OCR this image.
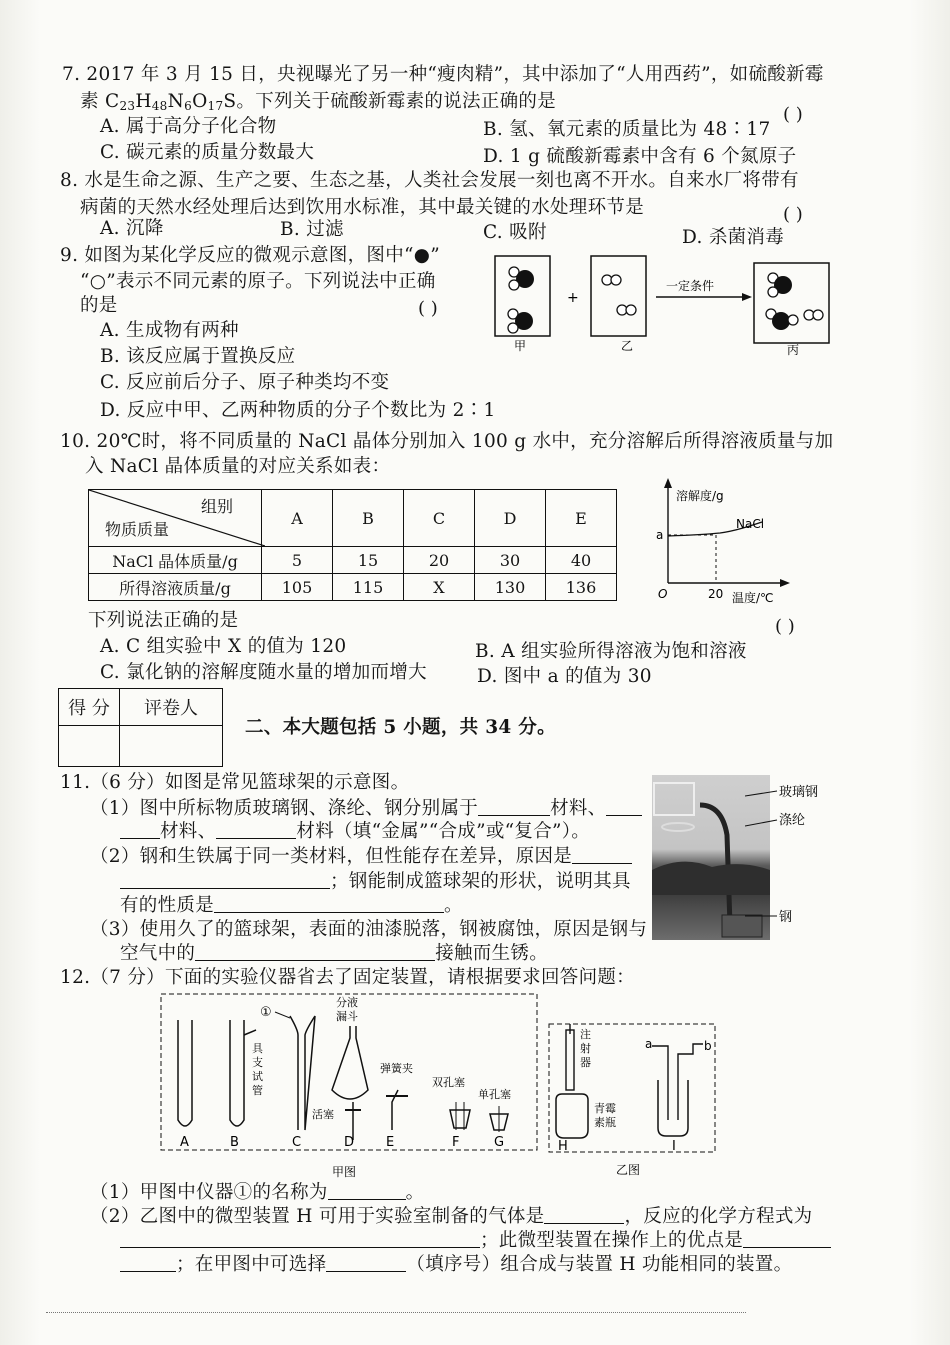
7. 2017 年 3 月 15 日，央视曝光了另一种“瘦肉精”，其中添加了“人用西药”，如硫酸新霉
素 $C_{23}H_{48}N_6O_{17}S$。下列关于硫酸新霉素的说法正确的是
( )
A. 属于高分子化合物	B. 氢、氧元素的质量比为 48∶17
C. 碳元素的质量分数最大	D. 1 g 硫酸新霉素中含有 6 个氮原子
8. 水是生命之源、生产之要、生态之基，人类社会发展一刻也离不开水。自来水厂将带有
病菌的天然水经处理后达到饮用水标准，其中最关键的水处理环节是	( )
A. 沉降	B. 过滤	C. 吸附	D. 杀菌消毒
9. 如图为某化学反应的微观示意图，图中“●”
“○”表示不同元素的原子。下列说法中正确
的是	( )
A. 生成物有两种
B. 该反应属于置换反应
C. 反应前后分子、原子种类均不变
D. 反应中甲、乙两种物质的分子个数比为 2∶1
甲
+
乙
一定条件
丙
10. 20℃时，将不同质量的 NaCl 晶体分别加入 100 g 水中，充分溶解后所得溶液质量与加
入 NaCl 晶体质量的对应关系如表：
组别
物质质量	A	B	C	D	E
NaCl 晶体质量/g	5	15	20	30	40
所得溶液质量/g	105	115	X	130	136
溶解度/g
温度/℃
O	20
a
NaCl
下列说法正确的是	( )
A. C 组实验中 X 的值为 120	B. A 组实验所得溶液为饱和溶液
C. 氯化钠的溶解度随水量的增加而增大	D. 图中 a 的值为 30
得 分	评卷人

二、本大题包括 5 小题，共 34 分。
11.（6 分）如图是常见篮球架的示意图。
（1）图中所标物质玻璃钢、涤纶、钢分别属于	材料、
材料、	材料（填“金属”“合成”或“复合”）。
（2）钢和生铁属于同一类材料，但性能存在差异，原因是
；钢能制成篮球架的形状，说明其具
有的性质是	。
（3）使用久了的篮球架，表面的油漆脱落，钢被腐蚀，原因是钢与
空气中的	接触而生锈。
玻璃钢
涤纶
钢
12.（7 分）下面的实验仪器省去了固定装置，请根据要求回答问题：
具
支
试
管
①
分液
漏斗
活塞
弹簧夹
双孔塞
单孔塞
A	B	C	D E	F	G
甲图
注
射
器
青霉
素瓶
H
a	b
I
乙图
（1）甲图中仪器①的名称为	。
（2）乙图中的微型装置 H 可用于实验室制备的气体是	，反应的化学方程式为
；此微型装置在操作上的优点是
；在甲图中可选择	（填序号）组合成与装置 H 功能相同的装置。
